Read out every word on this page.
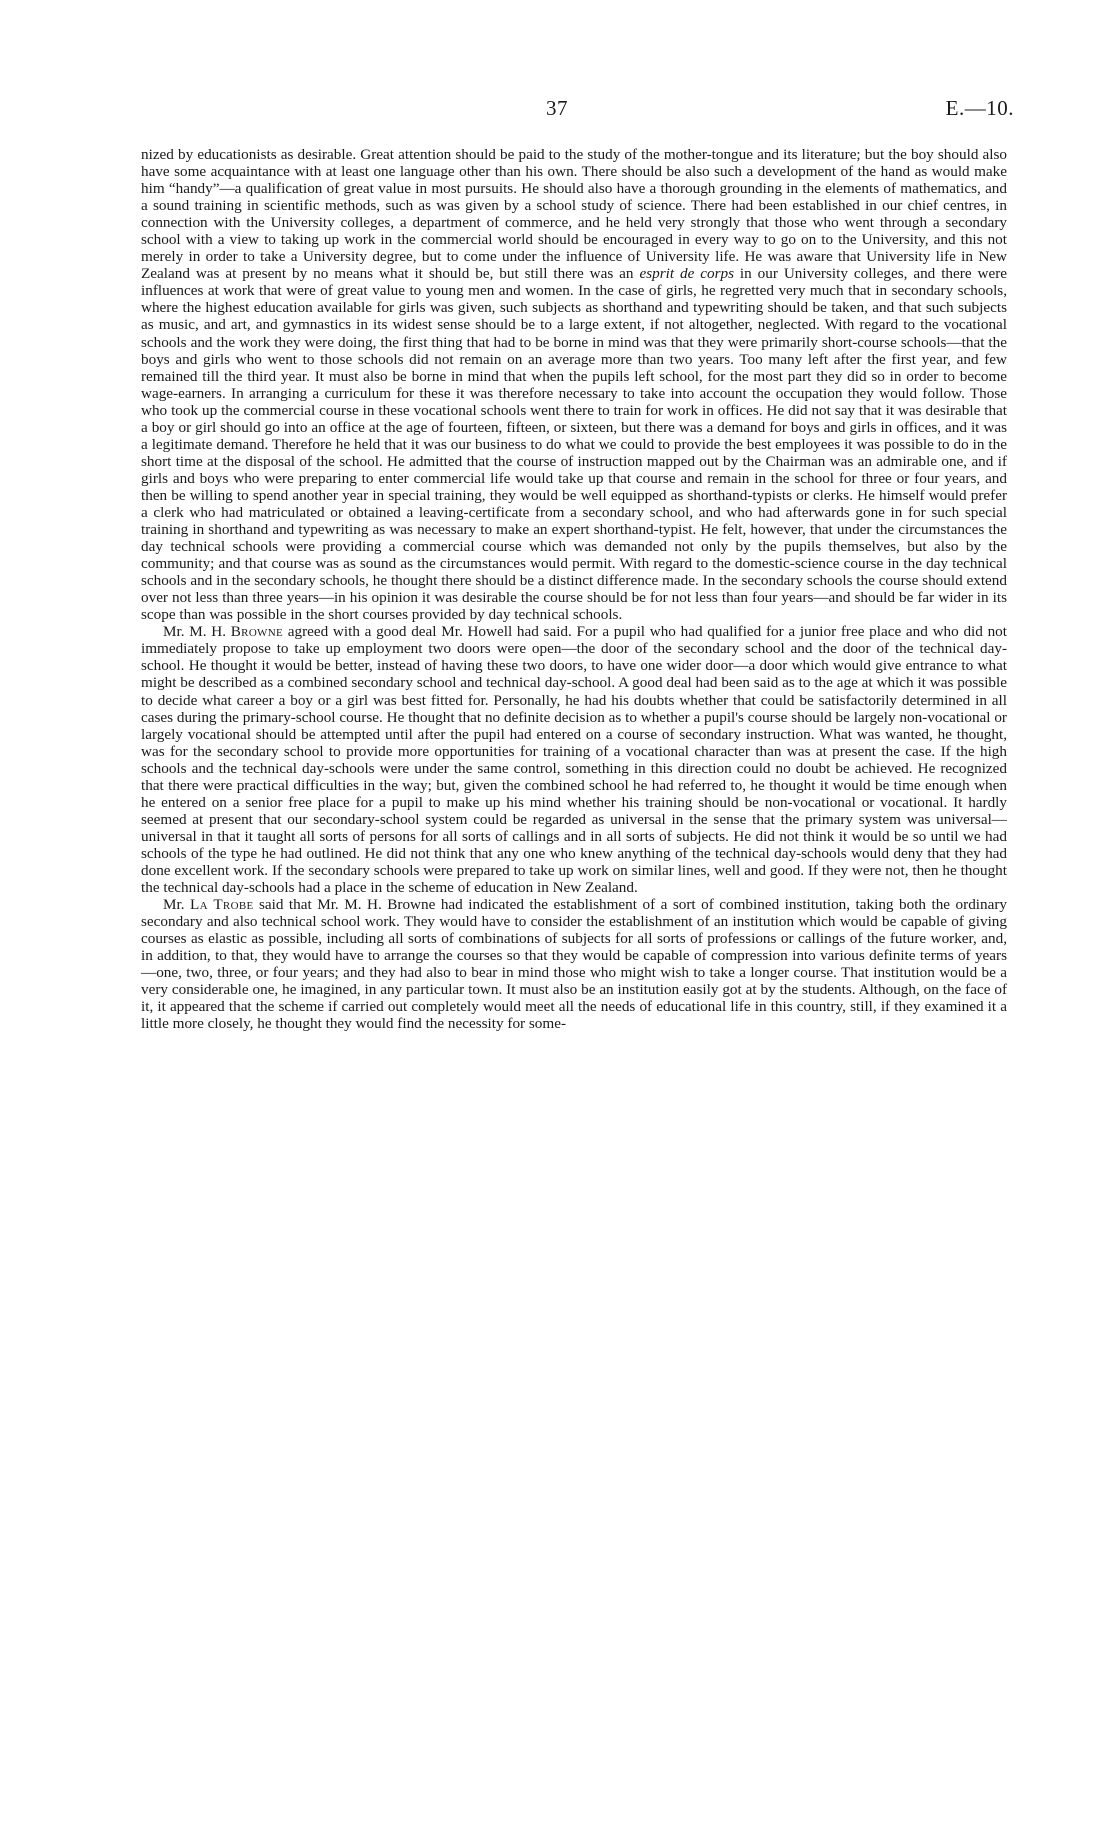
37	E.—10.

nized by educationists as desirable. Great attention should be paid to the study of the mother-tongue and its literature; but the boy should also have some acquaintance with at least one language other than his own. There should be also such a development of the hand as would make him “handy”—a qualification of great value in most pursuits. He should also have a thorough grounding in the elements of mathematics, and a sound training in scientific methods, such as was given by a school study of science. There had been established in our chief centres, in connection with the University colleges, a department of commerce, and he held very strongly that those who went through a secondary school with a view to taking up work in the commercial world should be encouraged in every way to go on to the University, and this not merely in order to take a University degree, but to come under the influence of University life. He was aware that University life in New Zealand was at present by no means what it should be, but still there was an esprit de corps in our University colleges, and there were influences at work that were of great value to young men and women. In the case of girls, he regretted very much that in secondary schools, where the highest education available for girls was given, such subjects as shorthand and typewriting should be taken, and that such subjects as music, and art, and gymnastics in its widest sense should be to a large extent, if not altogether, neglected. With regard to the vocational schools and the work they were doing, the first thing that had to be borne in mind was that they were primarily short-course schools—that the boys and girls who went to those schools did not remain on an average more than two years. Too many left after the first year, and few remained till the third year. It must also be borne in mind that when the pupils left school, for the most part they did so in order to become wage-earners. In arranging a curriculum for these it was therefore necessary to take into account the occupation they would follow. Those who took up the commercial course in these vocational schools went there to train for work in offices. He did not say that it was desirable that a boy or girl should go into an office at the age of fourteen, fifteen, or sixteen, but there was a demand for boys and girls in offices, and it was a legitimate demand. Therefore he held that it was our business to do what we could to provide the best employees it was possible to do in the short time at the disposal of the school. He admitted that the course of instruction mapped out by the Chairman was an admirable one, and if girls and boys who were preparing to enter commercial life would take up that course and remain in the school for three or four years, and then be willing to spend another year in special training, they would be well equipped as shorthand-typists or clerks. He himself would prefer a clerk who had matriculated or obtained a leaving-certificate from a secondary school, and who had afterwards gone in for such special training in shorthand and typewriting as was necessary to make an expert shorthand-typist. He felt, however, that under the circumstances the day technical schools were providing a commercial course which was demanded not only by the pupils themselves, but also by the community; and that course was as sound as the circumstances would permit. With regard to the domestic-science course in the day technical schools and in the secondary schools, he thought there should be a distinct difference made. In the secondary schools the course should extend over not less than three years—in his opinion it was desirable the course should be for not less than four years—and should be far wider in its scope than was possible in the short courses provided by day technical schools.

Mr. M. H. Browne agreed with a good deal Mr. Howell had said. For a pupil who had qualified for a junior free place and who did not immediately propose to take up employment two doors were open—the door of the secondary school and the door of the technical day-school. He thought it would be better, instead of having these two doors, to have one wider door—a door which would give entrance to what might be described as a combined secondary school and technical day-school. A good deal had been said as to the age at which it was possible to decide what career a boy or a girl was best fitted for. Personally, he had his doubts whether that could be satisfactorily determined in all cases during the primary-school course. He thought that no definite decision as to whether a pupil's course should be largely non-vocational or largely vocational should be attempted until after the pupil had entered on a course of secondary instruction. What was wanted, he thought, was for the secondary school to provide more opportunities for training of a vocational character than was at present the case. If the high schools and the technical day-schools were under the same control, something in this direction could no doubt be achieved. He recognized that there were practical difficulties in the way; but, given the combined school he had referred to, he thought it would be time enough when he entered on a senior free place for a pupil to make up his mind whether his training should be non-vocational or vocational. It hardly seemed at present that our secondary-school system could be regarded as universal in the sense that the primary system was universal—universal in that it taught all sorts of persons for all sorts of callings and in all sorts of subjects. He did not think it would be so until we had schools of the type he had outlined. He did not think that any one who knew anything of the technical day-schools would deny that they had done excellent work. If the secondary schools were prepared to take up work on similar lines, well and good. If they were not, then he thought the technical day-schools had a place in the scheme of education in New Zealand.

Mr. La Trobe said that Mr. M. H. Browne had indicated the establishment of a sort of combined institution, taking both the ordinary secondary and also technical school work. They would have to consider the establishment of an institution which would be capable of giving courses as elastic as possible, including all sorts of combinations of subjects for all sorts of professions or callings of the future worker, and, in addition, to that, they would have to arrange the courses so that they would be capable of compression into various definite terms of years—one, two, three, or four years; and they had also to bear in mind those who might wish to take a longer course. That institution would be a very considerable one, he imagined, in any particular town. It must also be an institution easily got at by the students. Although, on the face of it, it appeared that the scheme if carried out completely would meet all the needs of educational life in this country, still, if they examined it a little more closely, he thought they would find the necessity for some-
